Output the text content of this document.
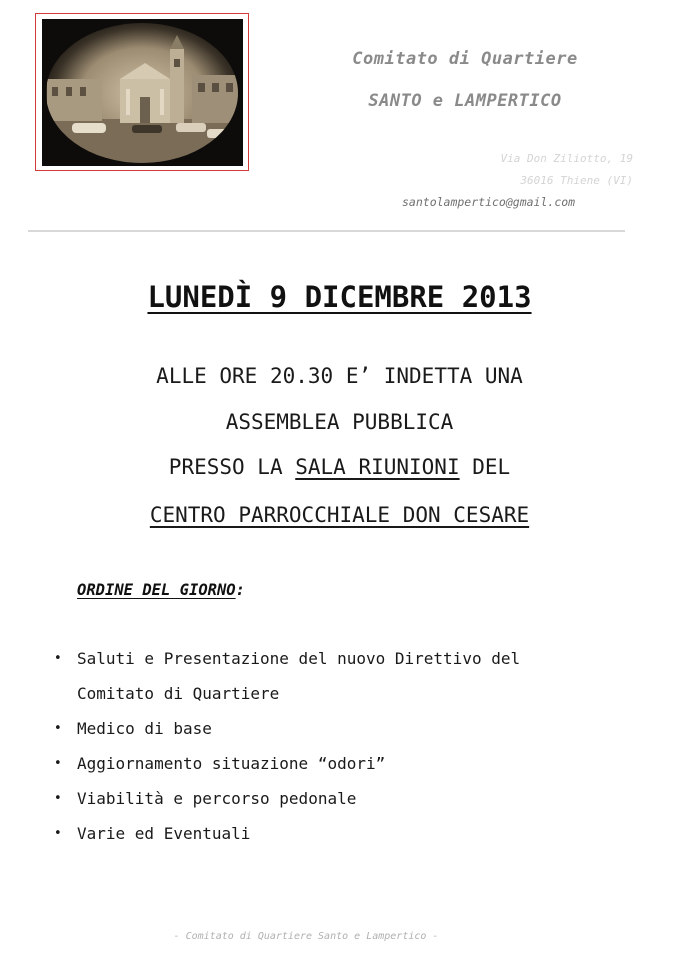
Comitato di Quartiere
SANTO e LAMPERTICO
Via Don Ziliotto, 19
36016 Thiene (VI)
santolampertico@gmail.com
LUNEDÌ 9 DICEMBRE 2013
ALLE ORE 20.30 E’ INDETTA UNA
ASSEMBLEA PUBBLICA
PRESSO LA SALA RIUNIONI DEL
CENTRO PARROCCHIALE DON CESARE
ORDINE DEL GIORNO:
• Saluti e Presentazione del nuovo Direttivo del
Comitato di Quartiere
• Medico di base
• Aggiornamento situazione “odori”
• Viabilità e percorso pedonale
• Varie ed Eventuali
- Comitato di Quartiere Santo e Lampertico -
